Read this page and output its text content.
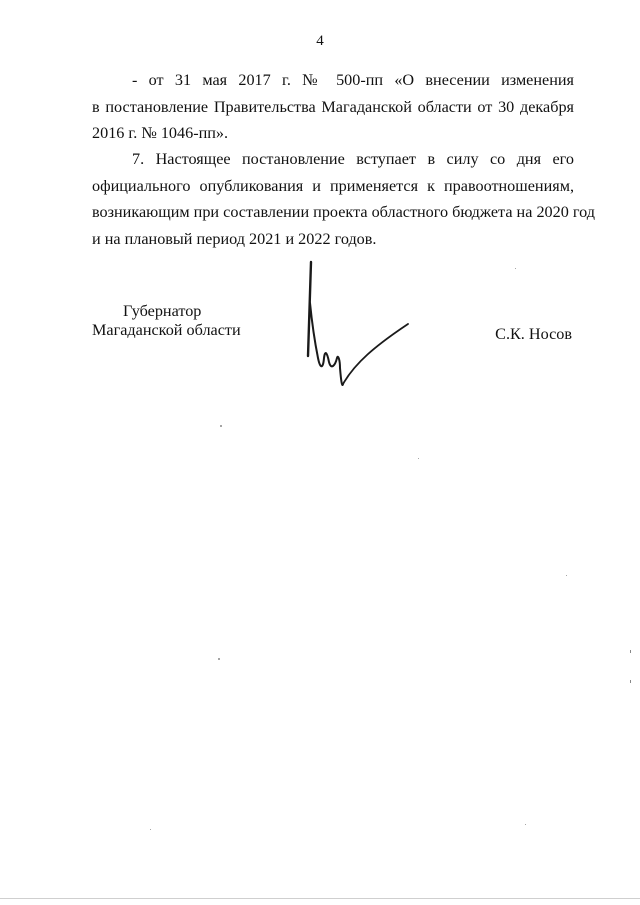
4
- от 31 мая 2017 г. № 500-пп «О внесении изменения
в постановление Правительства Магаданской области от 30 декабря
2016 г. № 1046-пп».
7. Настоящее постановление вступает в силу со дня его
официального опубликования и применяется к правоотношениям,
возникающим при составлении проекта областного бюджета на 2020 год
и на плановый период 2021 и 2022 годов.
Губернатор
Магаданской области	С.К. Носов
